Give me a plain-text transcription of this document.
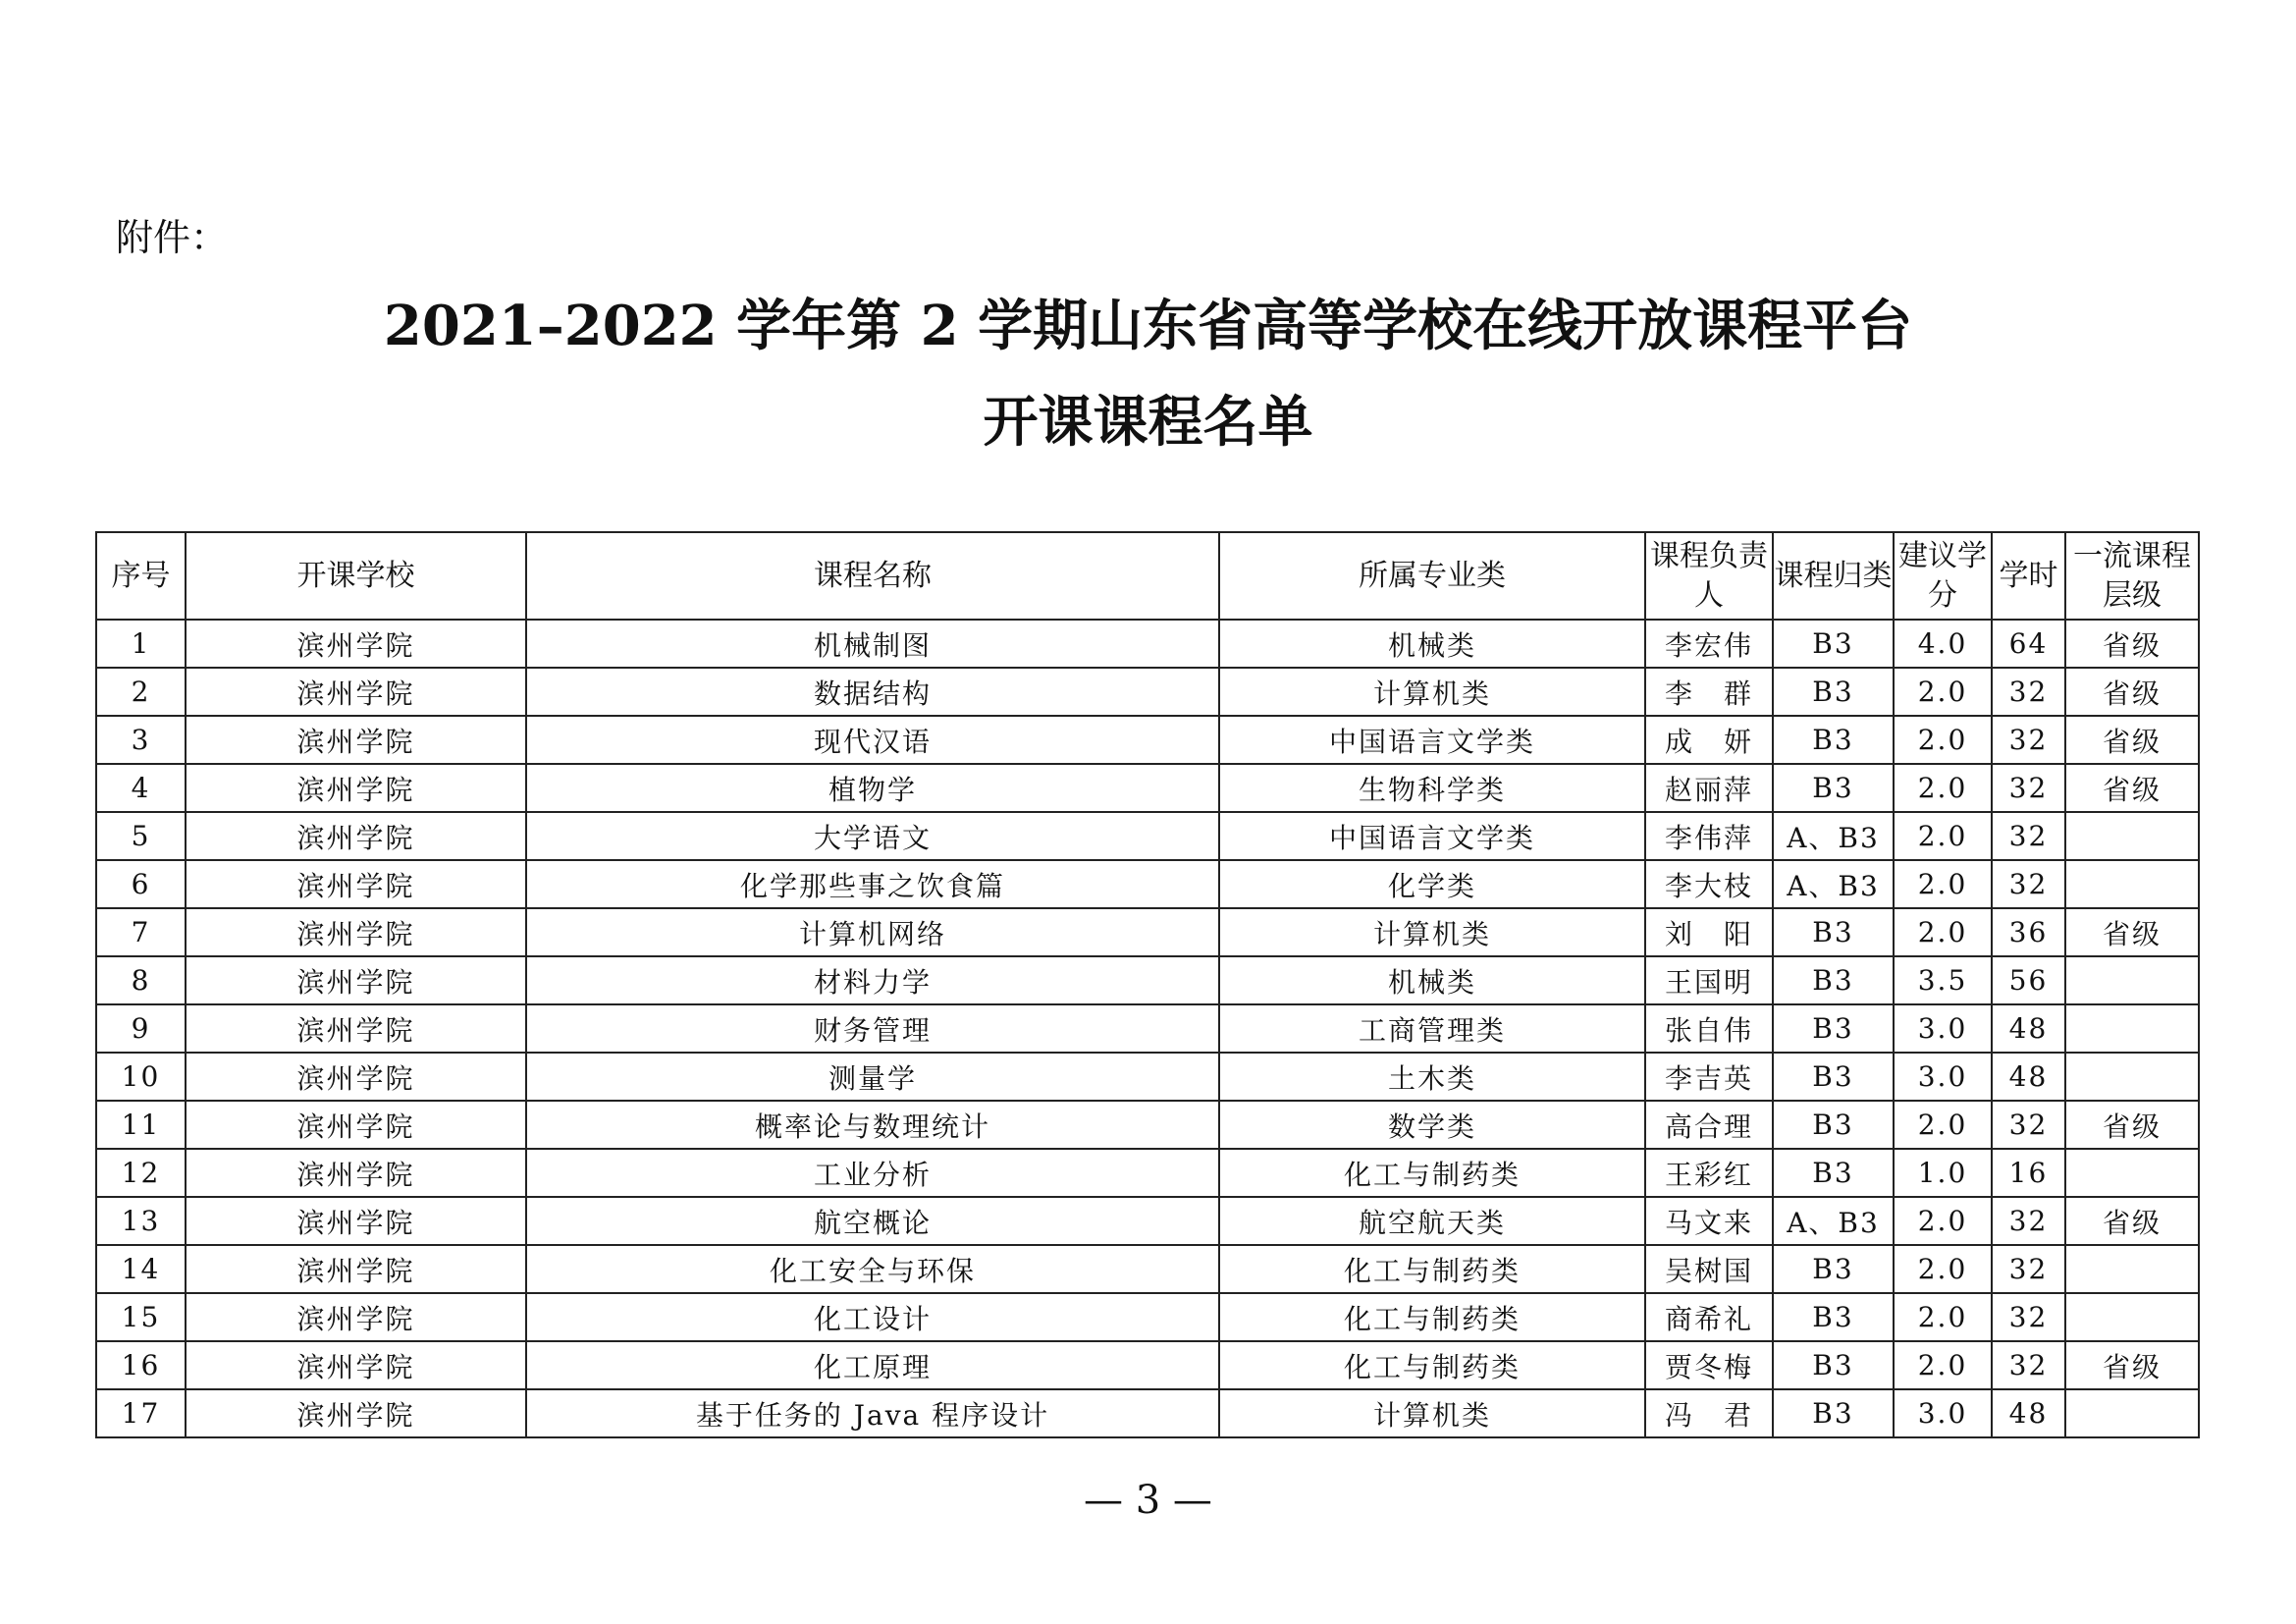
附件：
2021–2022 学年第 2 学期山东省高等学校在线开放课程平台
开课课程名单
序号	开课学校	课程名称	所属专业类	课程负责人	课程归类	建议学分	学时	一流课程层级
1	滨州学院	机械制图	机械类	李宏伟	B3	4.0	64	省级
2	滨州学院	数据结构	计算机类	李　群	B3	2.0	32	省级
3	滨州学院	现代汉语	中国语言文学类	成　妍	B3	2.0	32	省级
4	滨州学院	植物学	生物科学类	赵丽萍	B3	2.0	32	省级
5	滨州学院	大学语文	中国语言文学类	李伟萍	A、B3	2.0	32	
6	滨州学院	化学那些事之饮食篇	化学类	李大枝	A、B3	2.0	32	
7	滨州学院	计算机网络	计算机类	刘　阳	B3	2.0	36	省级
8	滨州学院	材料力学	机械类	王国明	B3	3.5	56	
9	滨州学院	财务管理	工商管理类	张自伟	B3	3.0	48	
10	滨州学院	测量学	土木类	李吉英	B3	3.0	48	
11	滨州学院	概率论与数理统计	数学类	高合理	B3	2.0	32	省级
12	滨州学院	工业分析	化工与制药类	王彩红	B3	1.0	16	
13	滨州学院	航空概论	航空航天类	马文来	A、B3	2.0	32	省级
14	滨州学院	化工安全与环保	化工与制药类	吴树国	B3	2.0	32	
15	滨州学院	化工设计	化工与制药类	商希礼	B3	2.0	32	
16	滨州学院	化工原理	化工与制药类	贾冬梅	B3	2.0	32	省级
17	滨州学院	基于任务的 Java 程序设计	计算机类	冯　君	B3	3.0	48	
— 3 —
